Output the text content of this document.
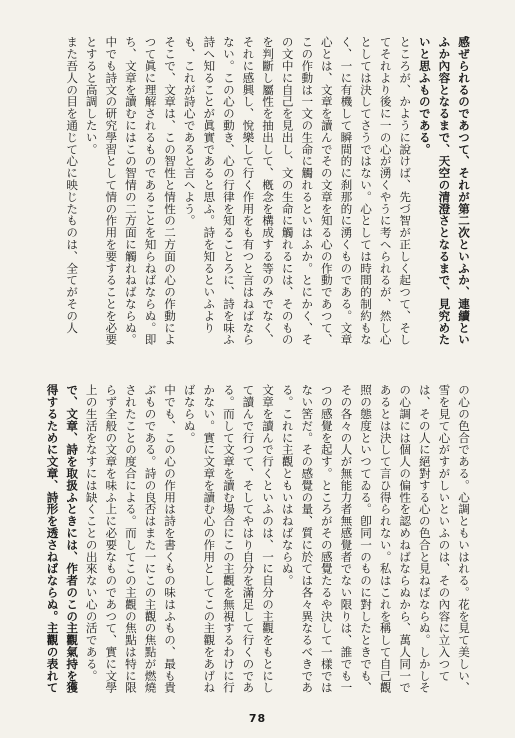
感ぜられるのであつて、それが第二次といふか、連續といふか內容となるまで、天空の清澄さとなるまで、見究めたいと思ふものである。

ところが、かように說けば、先づ智が正しく起つて、そしてそれより後に一の心が湧くやうに考へられるが、然し心としては決してさうではない。心としては時間的制約もなく、一に有機して瞬間的に刹那的に湧くものである。文章心とは、文章を讀んでその文章を知る心の作動であつて、この作動は一文の生命に觸れるといはふか。とにかく、その文中に自己を見出し、文の生命に觸れるには、そのものを判斷し屬性を抽出して、槪念を構成する等のみでなく、それに感興し、悅樂して行く作用をも有つと言はねばならない。この心の動き、心の行律を知ることろに、詩を味ふ詩へ知ることが眞實であると思ふ。詩を知るといふよりも、これが詩心であると言へよう。

そこで、文章は、この智性と情性の二方面の心の作動によつて眞に理解されるものであることを知らねばならぬ。即ち、文章を讀むにはこの智情の二方面に觸れねばならぬ。中でも詩文の研究學習として情の作用を要することを必要とすると高調したい。

また吾人の目を通じて心に映じたものは、全てがその人

の心の色合である。心調ともいはれる。花を見て美しい、雪を見て心がすがしいといふのは、その內容に立入つては、その人に絕對する心の色合と見ねばならぬ。しかしその心調には個人の偏性を認めねばならぬから、萬人同一であるとは決して言ひ得られない。私はこれを稱して自己觀照の態度といつてゐる。卽同一のものに對したときでも、その各々の人が無能力者無感覺者でない限りは、誰でも一つの感覺を起す。ところがその感覺たるや決して一樣ではない筈だ。その感覺の量、質に於ては各々異なるべきである。これに主觀ともいはねばならぬ。

文章を讀んで行くといふのは、一に自分の主觀をもとにして讀んで行つて、そしてやはり自分を滿足して行くのである。而して文章を讀む場合にこの主觀を無視するわけに行かない。實に文章を讀む心の作用としてこの主觀をあげねばならぬ。

中でも、この心の作用は詩を書くもの味はふもの、最も貴ぶものである。詩の良否はまた一にこの主觀の焦點が燃燒されたことの度合による。而してこの主觀の焦點は特に限らず全般の文章を味ふ上に必要なものであつて、實に文學上の生活をなすには缺くことの出來ない心の活である。

で、文章、詩を取扱ふときには、作者のこの主觀氣持を獲得するために文章、詩形を透さねばならぬ。主觀の表れて

78
